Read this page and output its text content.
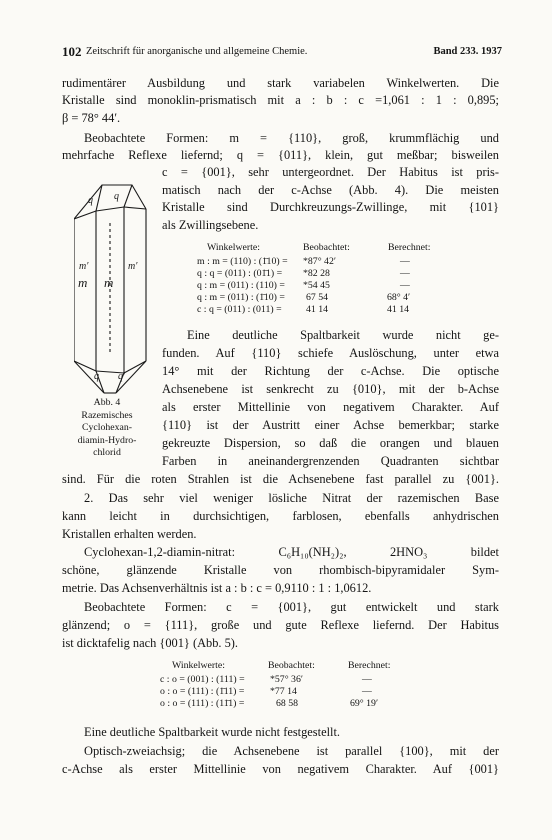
102 Zeitschrift für anorganische und allgemeine Chemie.	Band 233. 1937
rudimentärer Ausbildung und stark variabelen Winkelwerten. Die
Kristalle sind monoklin-prismatisch mit a : b : c =1,061 : 1 : 0,895;
β = 78° 44′.
Beobachtete Formen: m = {110}, groß, krummflächig und
mehrfache Reflexe liefernd; q = {011}, klein, gut meßbar; bisweilen
c = {001}, sehr untergeordnet. Der Habitus ist pris-
matisch nach der c-Achse (Abb. 4). Die meisten
Kristalle sind Durchkreuzungs-Zwillinge, mit {101}
als Zwillingsebene.
Winkelwerte:	Beobachtet:	Berechnet:
m : m = (110) : (1̄10) = *87° 42′	—
q : q = (011) : (01̄1) = *82 28	—
q : m = (011) : (110) = *54 45	—
q : m = (011) : (1̄10) = 67 54	68° 4′
c : q = (011) : (011) = 41 14	41 14
Eine deutliche Spaltbarkeit wurde nicht ge-
funden. Auf {110} schiefe Auslöschung, unter etwa
14° mit der Richtung der c-Achse. Die optische
Achsenebene ist senkrecht zu {010}, mit der b-Achse
als erster Mittellinie von negativem Charakter. Auf
{110} ist der Austritt einer Achse bemerkbar; starke
gekreuzte Dispersion, so daß die orangen und blauen
Farben in aneinandergrenzenden Quadranten sichtbar
q q
m′	m′
m m
q q′
Abb. 4
Razemisches
Cyclohexan-
diamin-Hydro-
chlorid
sind. Für die roten Strahlen ist die Achsenebene fast parallel zu {001}.
2. Das sehr viel weniger lösliche Nitrat der razemischen Base
kann leicht in durchsichtigen, farblosen, ebenfalls anhydrischen
Kristallen erhalten werden.
Cyclohexan-1,2-diamin-nitrat: C₆H₁₀(NH₂)₂, 2HNO₃ bildet
schöne, glänzende Kristalle von rhombisch-bipyramidaler Sym-
metrie. Das Achsenverhältnis ist a : b : c = 0,9110 : 1 : 1,0612.
Beobachtete Formen: c = {001}, gut entwickelt und stark
glänzend; o = {111}, große und gute Reflexe liefernd. Der Habitus
ist dicktafelig nach {001} (Abb. 5).
Winkelwerte:	Beobachtet:	Berechnet:
c : o = (001) : (111) =	*57° 36′	—
o : o = (111) : (1̄11) =	*77 14	—
o : o = (111) : (11̄1) =	68 58	69° 19′
Eine deutliche Spaltbarkeit wurde nicht festgestellt.
Optisch-zweiachsig; die Achsenebene ist parallel {100}, mit der
c-Achse als erster Mittellinie von negativem Charakter. Auf {001}
